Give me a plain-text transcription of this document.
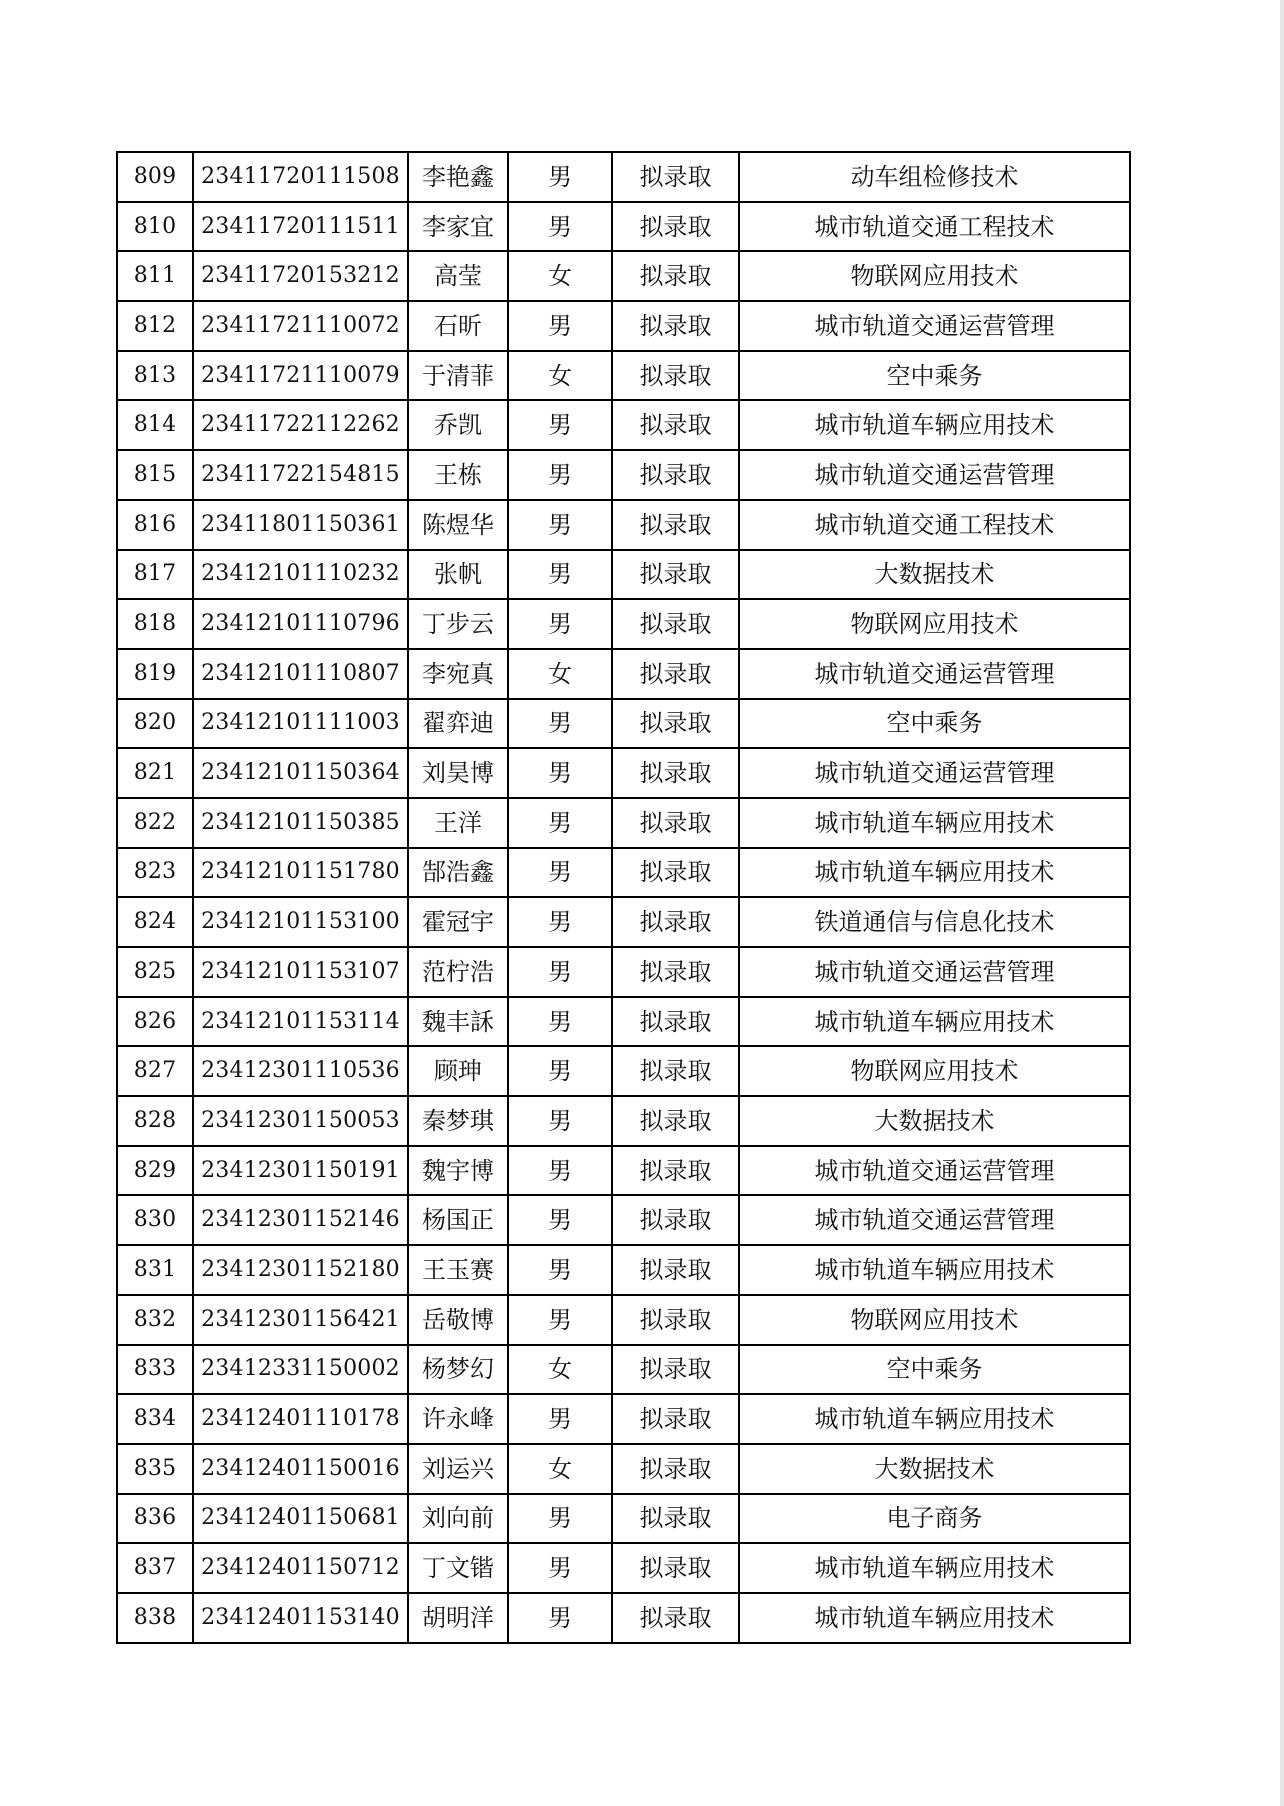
809	23411720111508	李艳鑫	男	拟录取	动车组检修技术
810	23411720111511	李家宜	男	拟录取	城市轨道交通工程技术
811	23411720153212	高莹	女	拟录取	物联网应用技术
812	23411721110072	石昕	男	拟录取	城市轨道交通运营管理
813	23411721110079	于清菲	女	拟录取	空中乘务
814	23411722112262	乔凯	男	拟录取	城市轨道车辆应用技术
815	23411722154815	王栋	男	拟录取	城市轨道交通运营管理
816	23411801150361	陈煜华	男	拟录取	城市轨道交通工程技术
817	23412101110232	张帆	男	拟录取	大数据技术
818	23412101110796	丁步云	男	拟录取	物联网应用技术
819	23412101110807	李宛真	女	拟录取	城市轨道交通运营管理
820	23412101111003	翟弈迪	男	拟录取	空中乘务
821	23412101150364	刘昊博	男	拟录取	城市轨道交通运营管理
822	23412101150385	王洋	男	拟录取	城市轨道车辆应用技术
823	23412101151780	郜浩鑫	男	拟录取	城市轨道车辆应用技术
824	23412101153100	霍冠宇	男	拟录取	铁道通信与信息化技术
825	23412101153107	范柠浩	男	拟录取	城市轨道交通运营管理
826	23412101153114	魏丰訸	男	拟录取	城市轨道车辆应用技术
827	23412301110536	顾珅	男	拟录取	物联网应用技术
828	23412301150053	秦梦琪	男	拟录取	大数据技术
829	23412301150191	魏宇博	男	拟录取	城市轨道交通运营管理
830	23412301152146	杨国正	男	拟录取	城市轨道交通运营管理
831	23412301152180	王玉赛	男	拟录取	城市轨道车辆应用技术
832	23412301156421	岳敬博	男	拟录取	物联网应用技术
833	23412331150002	杨梦幻	女	拟录取	空中乘务
834	23412401110178	许永峰	男	拟录取	城市轨道车辆应用技术
835	23412401150016	刘运兴	女	拟录取	大数据技术
836	23412401150681	刘向前	男	拟录取	电子商务
837	23412401150712	丁文锴	男	拟录取	城市轨道车辆应用技术
838	23412401153140	胡明洋	男	拟录取	城市轨道车辆应用技术
